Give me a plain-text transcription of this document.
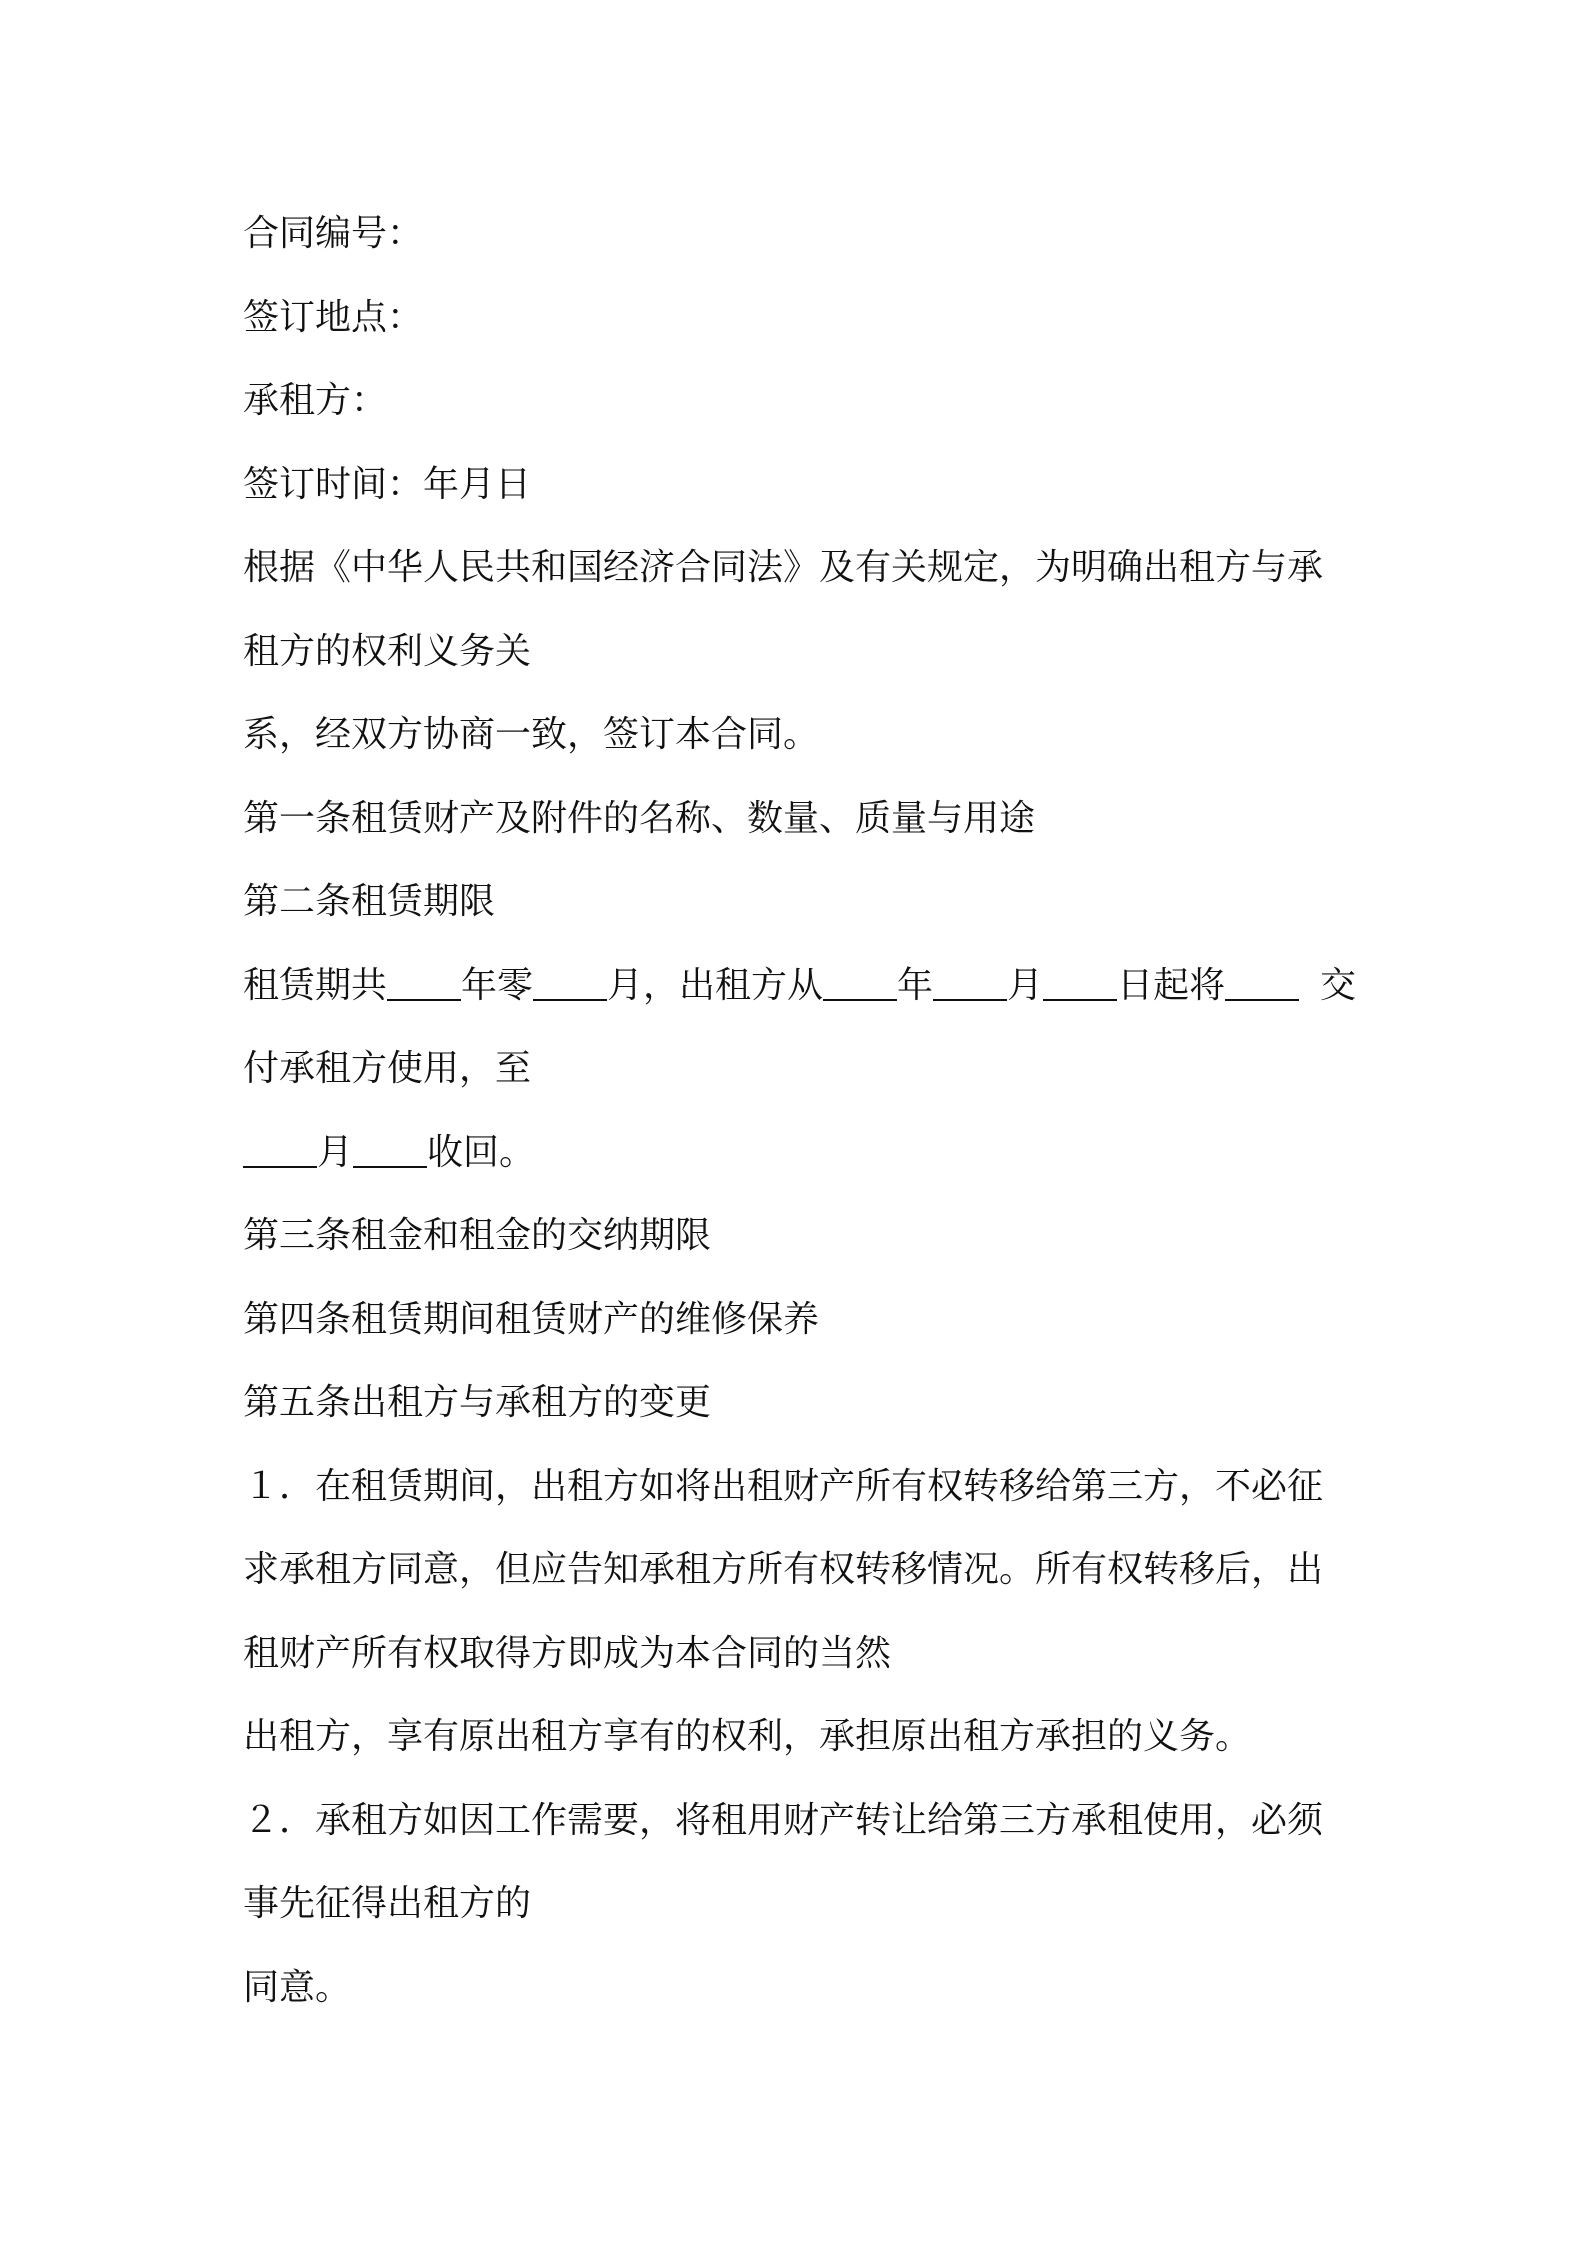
合同编号：
签订地点：
承租方：
签订时间：年月日
根据《中华人民共和国经济合同法》及有关规定，为明确出租方与承
租方的权利义务关
系，经双方协商一致，签订本合同。
第一条租赁财产及附件的名称、数量、质量与用途
第二条租赁期限
租赁期共 年零 月，出租方从 年 月 日起将	交
付承租方使用，至
月 收回。
第三条租金和租金的交纳期限
第四条租赁期间租赁财产的维修保养
第五条出租方与承租方的变更
１．在租赁期间，出租方如将出租财产所有权转移给第三方，不必征
求承租方同意，但应告知承租方所有权转移情况。所有权转移后，出
租财产所有权取得方即成为本合同的当然
出租方，享有原出租方享有的权利，承担原出租方承担的义务。
２．承租方如因工作需要，将租用财产转让给第三方承租使用，必须
事先征得出租方的
同意。
